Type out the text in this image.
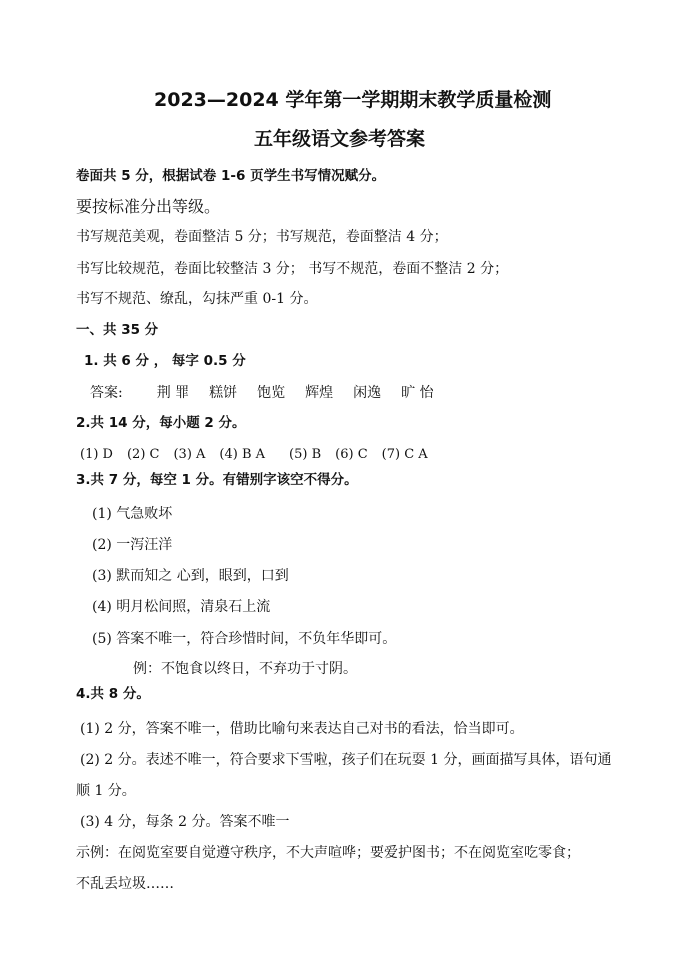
2023—2024 学年第一学期期末教学质量检测
五年级语文参考答案
卷面共 5 分，根据试卷 1-6 页学生书写情况赋分。
要按标准分出等级。
书写规范美观，卷面整洁 5 分；书写规范，卷面整洁 4 分；
书写比较规范，卷面比较整洁 3 分； 书写不规范，卷面不整洁 2 分；
书写不规范、缭乱，勾抹严重 0-1 分。
一、共 35 分
1. 共 6 分 ， 每字 0.5 分
答案: 荆 罪 糕饼 饱览 辉煌 闲逸 旷 怡
2.共 14 分，每小题 2 分。
(1) D (2) C (3) A (4) B A (5) B (6) C (7) C A
3.共 7 分，每空 1 分。有错别字该空不得分。
(1) 气急败坏
(2) 一泻汪洋
(3) 默而知之 心到，眼到，口到
(4) 明月松间照，清泉石上流
(5) 答案不唯一，符合珍惜时间，不负年华即可。
例：不饱食以终日，不弃功于寸阴。
4.共 8 分。
(1) 2 分，答案不唯一，借助比喻句来表达自己对书的看法，恰当即可。
(2) 2 分。表述不唯一，符合要求下雪啦，孩子们在玩耍 1 分，画面描写具体，语句通
顺 1 分。
(3) 4 分，每条 2 分。答案不唯一
示例：在阅览室要自觉遵守秩序，不大声喧哗；要爱护图书；不在阅览室吃零食；
不乱丢垃圾……
